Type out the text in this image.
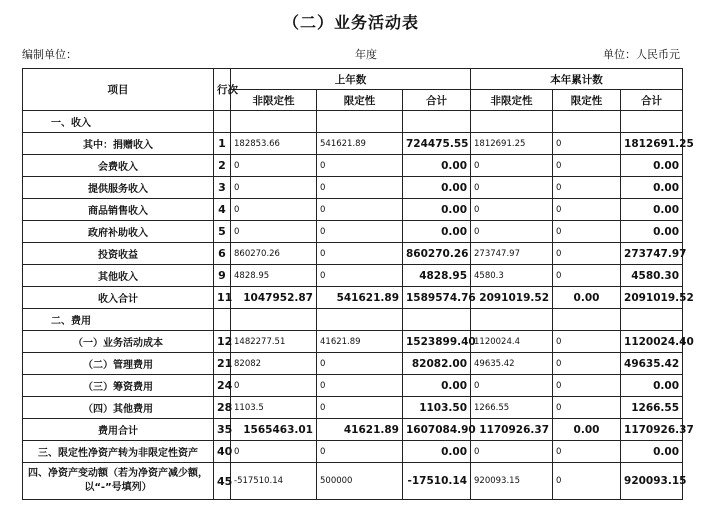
（二）业务活动表
编制单位：	年度	单位：人民币元
项目	行次	上年数			本年累计数		
		非限定性	限定性	合计	非限定性	限定性	合计
一、收入							
其中：捐赠收入	1	182853.66	541621.89	724475.55	1812691.25	0	1812691.25
会费收入	2	0	0	0.00	0	0	0.00
提供服务收入	3	0	0	0.00	0	0	0.00
商品销售收入	4	0	0	0.00	0	0	0.00
政府补助收入	5	0	0	0.00	0	0	0.00
投资收益	6	860270.26	0	860270.26	273747.97	0	273747.97
其他收入	9	4828.95	0	4828.95	4580.3	0	4580.30
收入合计	11	1047952.87	541621.89	1589574.76	2091019.52	0.00	2091019.52
二、费用							
（一）业务活动成本	12	1482277.51	41621.89	1523899.40	1120024.4	0	1120024.40
（二）管理费用	21	82082	0	82082.00	49635.42	0	49635.42
（三）筹资费用	24	0	0	0.00	0	0	0.00
（四）其他费用	28	1103.5	0	1103.50	1266.55	0	1266.55
费用合计	35	1565463.01	41621.89	1607084.90	1170926.37	0.00	1170926.37
三、限定性净资产转为非限定性资产	40	0	0	0.00	0	0	0.00
四、净资产变动额（若为净资产减少额，以“-”号填列）	45	-517510.14	500000	-17510.14	920093.15	0	920093.15
